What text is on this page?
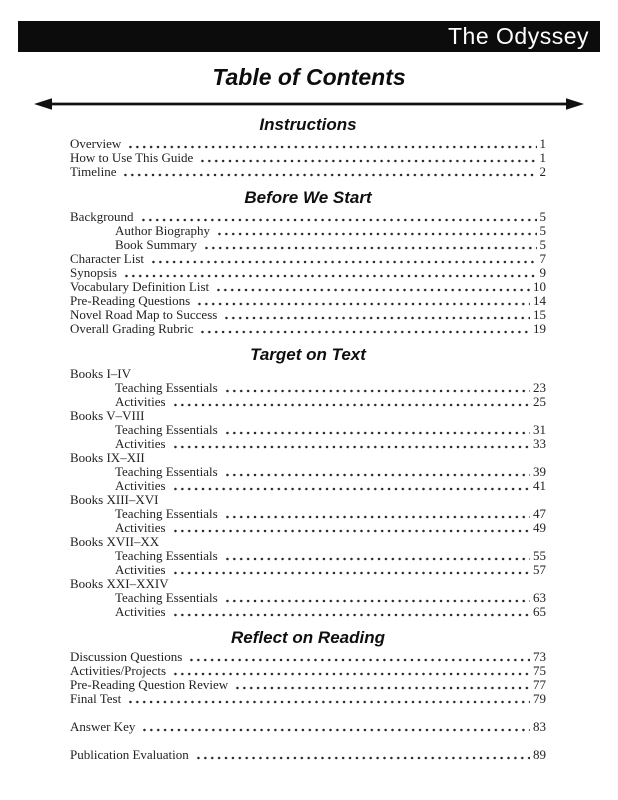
The Odyssey
Table of Contents
Instructions
Overview	1
How to Use This Guide	1
Timeline	2
Before We Start
Background	5
Author Biography	5
Book Summary	5
Character List	7
Synopsis	9
Vocabulary Definition List	10
Pre-Reading Questions	14
Novel Road Map to Success	15
Overall Grading Rubric	19
Target on Text
Books I–IV
Teaching Essentials	23
Activities	25
Books V–VIII
Teaching Essentials	31
Activities	33
Books IX–XII
Teaching Essentials	39
Activities	41
Books XIII–XVI
Teaching Essentials	47
Activities	49
Books XVII–XX
Teaching Essentials	55
Activities	57
Books XXI–XXIV
Teaching Essentials	63
Activities	65
Reflect on Reading
Discussion Questions	73
Activities/Projects	75
Pre-Reading Question Review	77
Final Test	79
Answer Key	83
Publication Evaluation	89
